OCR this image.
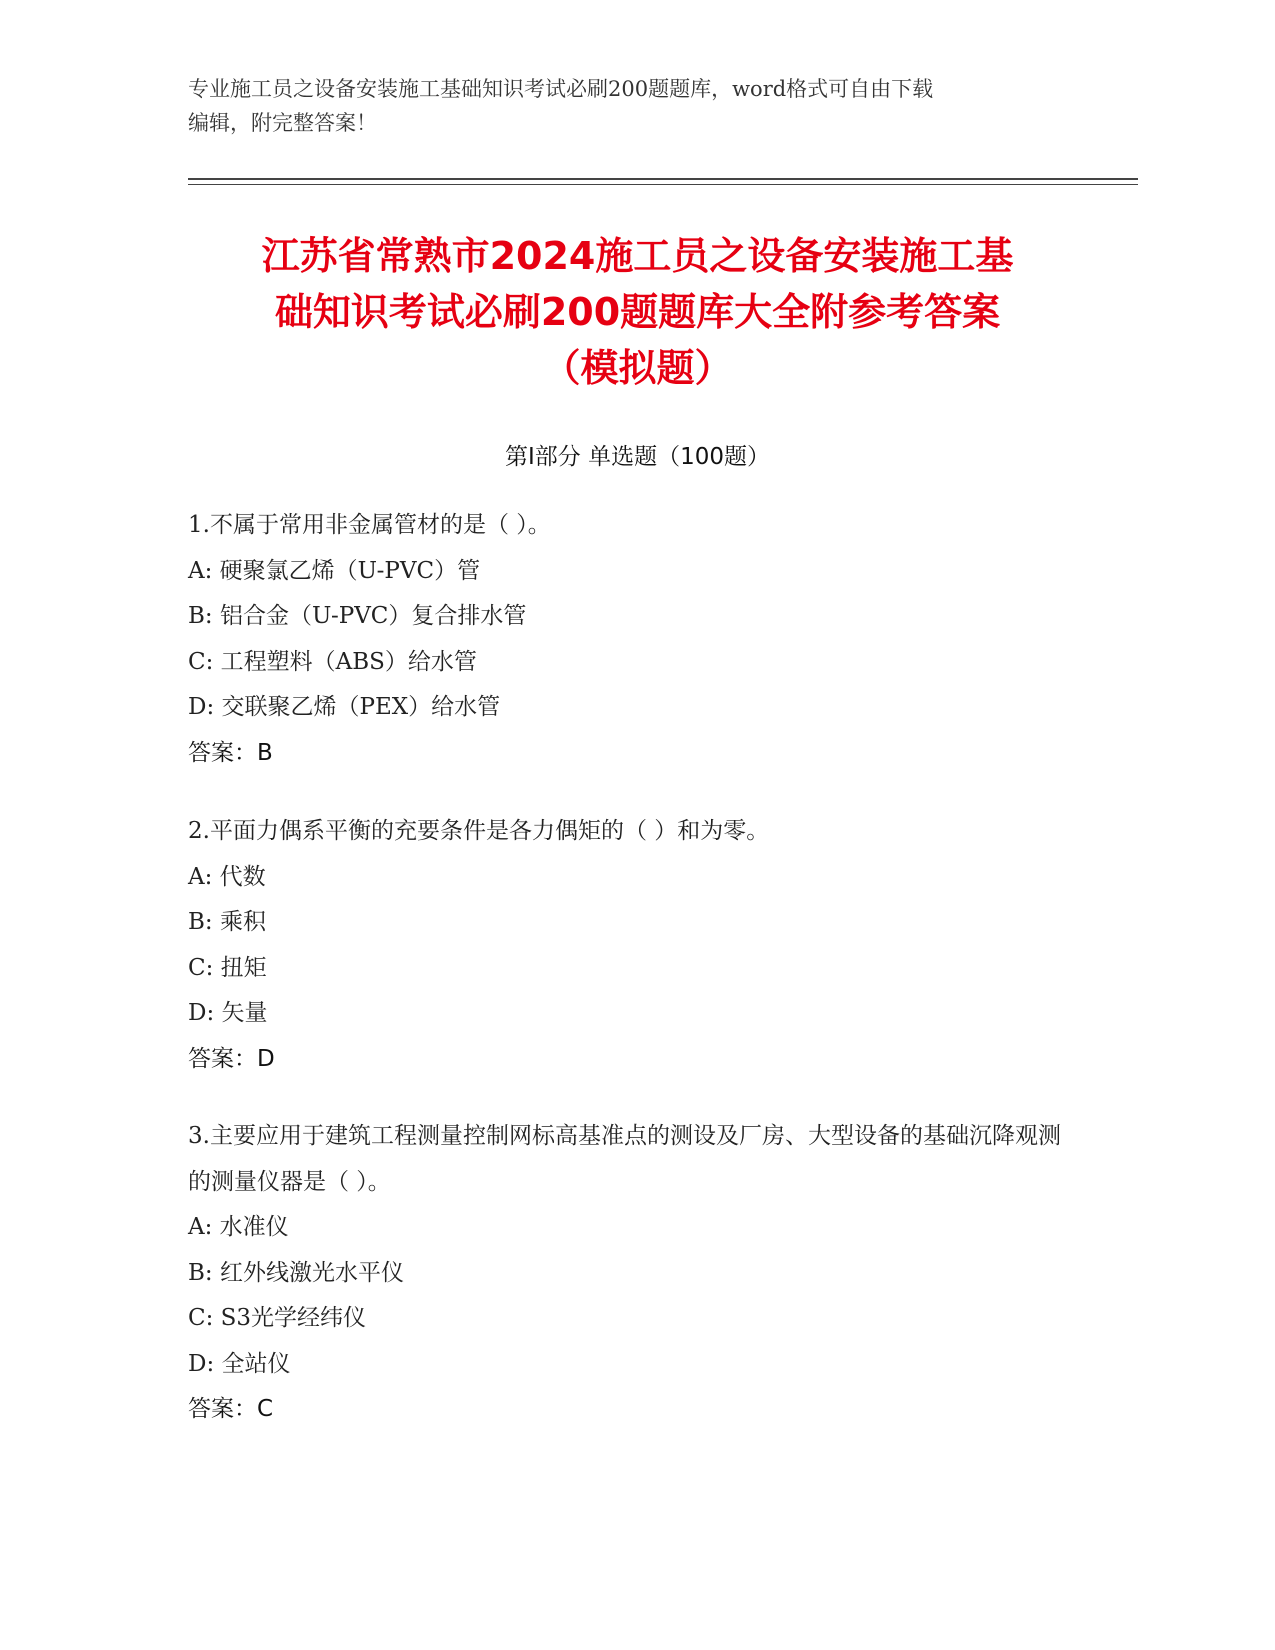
专业施工员之设备安装施工基础知识考试必刷200题题库，word格式可自由下载
编辑，附完整答案！
江苏省常熟市2024施工员之设备安装施工基
础知识考试必刷200题题库大全附参考答案
（模拟题）
第Ⅰ部分 单选题（100题）
1.不属于常用非金属管材的是（ ）。
A: 硬聚氯乙烯（U-PVC）管
B: 铝合金（U-PVC）复合排水管
C: 工程塑料（ABS）给水管
D: 交联聚乙烯（PEX）给水管
答案：B
2.平面力偶系平衡的充要条件是各力偶矩的（ ）和为零。
A: 代数
B: 乘积
C: 扭矩
D: 矢量
答案：D
3.主要应用于建筑工程测量控制网标高基准点的测设及厂房、大型设备的基础沉降观测的测量仪器是（ ）。
A: 水准仪
B: 红外线激光水平仪
C: S3光学经纬仪
D: 全站仪
答案：C
